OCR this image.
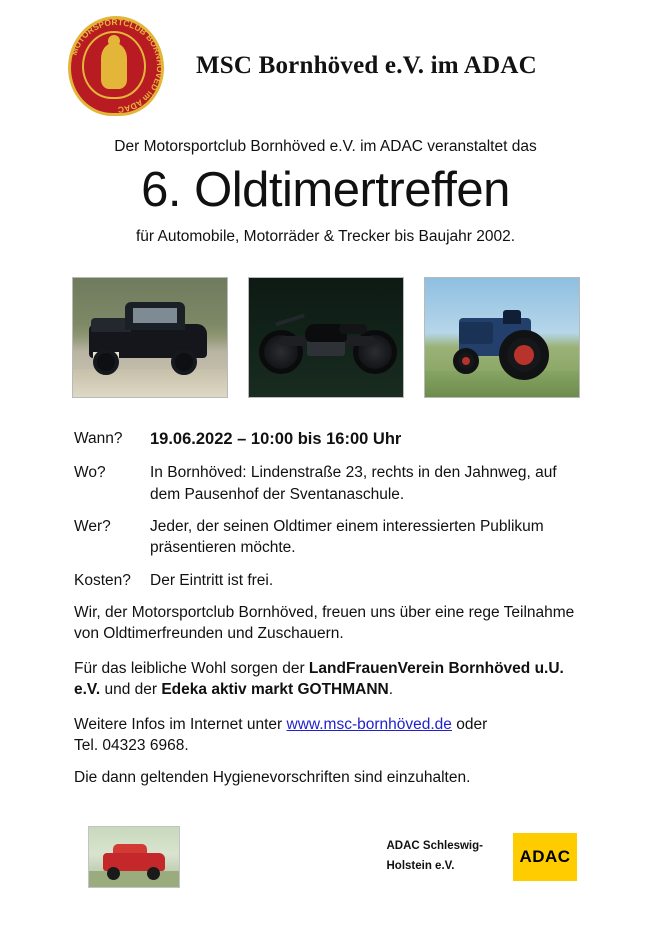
MOTORSPORTCLUB BORNHÖVED im ADAC
MSC Bornhöved e.V. im ADAC
Der Motorsportclub Bornhöved e.V. im ADAC veranstaltet das
6. Oldtimertreffen
für Automobile, Motorräder & Trecker bis Baujahr 2002.
Wann?	19.06.2022 – 10:00 bis 16:00 Uhr
Wo?	In Bornhöved: Lindenstraße 23, rechts in den Jahnweg, auf dem Pausenhof der Sventanaschule.
Wer?	Jeder, der seinen Oldtimer einem interessierten Publikum präsentieren möchte.
Kosten?	Der Eintritt ist frei.
Wir, der Motorsportclub Bornhöved, freuen uns über eine rege Teilnahme von Oldtimerfreunden und Zuschauern.
Für das leibliche Wohl sorgen der LandFrauenVerein Bornhöved u.U. e.V. und der Edeka aktiv markt GOTHMANN.
Weitere Infos im Internet unter www.msc-bornhöved.de oder
Tel. 04323 6968.
Die dann geltenden Hygienevorschriften sind einzuhalten.
ADAC Schleswig-
Holstein e.V.	ADAC
